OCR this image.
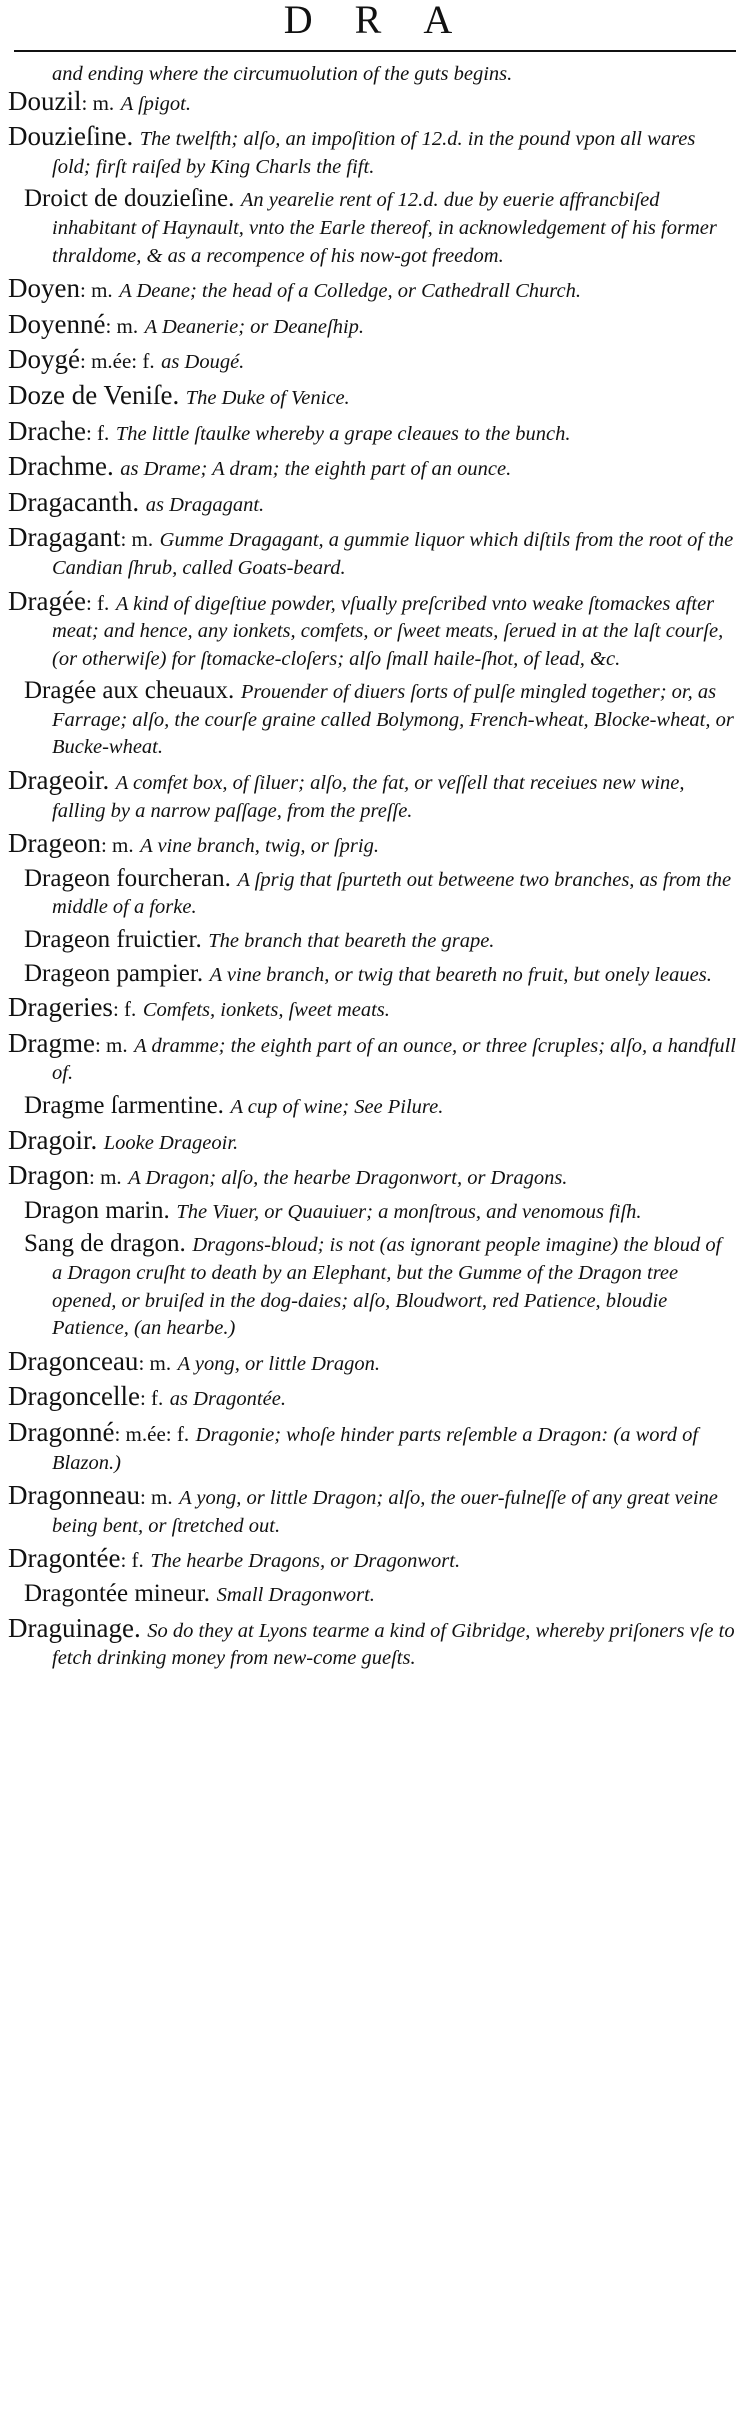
DRA

and ending where the circumuolution of the guts begins.

Douzil: m. A ſpigot.

Douzieſine. The twelfth; alſo, an impoſition of 12.d. in the pound vpon all wares ſold; firſt raiſed by King Charls the fift.

Droict de douzieſine. An yearelie rent of 12.d. due by euerie affrancbiſed inhabitant of Haynault, vnto the Earle thereof, in acknowledgement of his former thraldome, & as a recompence of his now-got freedom.

Doyen: m. A Deane; the head of a Colledge, or Cathedrall Church.

Doyenné: m. A Deanerie; or Deaneſhip.

Doygé: m.ée: f. as Dougé.

Doze de Veniſe. The Duke of Venice.

Drache: f. The little ſtaulke whereby a grape cleaues to the bunch.

Drachme. as Drame; A dram; the eighth part of an ounce.

Dragacanth. as Dragagant.

Dragagant: m. Gumme Dragagant, a gummie liquor which diſtils from the root of the Candian ſhrub, called Goats-beard.

Dragée: f. A kind of digeſtiue powder, vſually preſcribed vnto weake ſtomackes after meat; and hence, any ionkets, comfets, or ſweet meats, ſerued in at the laſt courſe, (or otherwiſe) for ſtomacke-cloſers; alſo ſmall haile-ſhot, of lead, &c.

Dragée aux cheuaux. Prouender of diuers ſorts of pulſe mingled together; or, as Farrage; alſo, the courſe graine called Bolymong, French-wheat, Blocke-wheat, or Bucke-wheat.

Drageoir. A comfet box, of ſiluer; alſo, the fat, or veſſell that receiues new wine, falling by a narrow paſſage, from the preſſe.

Drageon: m. A vine branch, twig, or ſprig.

Drageon fourcheran. A ſprig that ſpurteth out betweene two branches, as from the middle of a forke.

Drageon fruictier. The branch that beareth the grape.

Drageon pampier. A vine branch, or twig that beareth no fruit, but onely leaues.

Drageries: f. Comfets, ionkets, ſweet meats.

Dragme: m. A dramme; the eighth part of an ounce, or three ſcruples; alſo, a handfull of.

Dragme ſarmentine. A cup of wine; See Pilure.

Dragoir. Looke Drageoir.

Dragon: m. A Dragon; alſo, the hearbe Dragonwort, or Dragons.

Dragon marin. The Viuer, or Quauiuer; a monſtrous, and venomous fiſh.

Sang de dragon. Dragons-bloud; is not (as ignorant people imagine) the bloud of a Dragon cruſht to death by an Elephant, but the Gumme of the Dragon tree opened, or bruiſed in the dog-daies; alſo, Bloudwort, red Patience, bloudie Patience, (an hearbe.)

Dragonceau: m. A yong, or little Dragon.

Dragoncelle: f. as Dragontée.

Dragonné: m.ée: f. Dragonie; whoſe hinder parts reſemble a Dragon: (a word of Blazon.)

Dragonneau: m. A yong, or little Dragon; alſo, the ouer-fulneſſe of any great veine being bent, or ſtretched out.

Dragontée: f. The hearbe Dragons, or Dragonwort.

Dragontée mineur. Small Dragonwort.

Draguinage. So do they at Lyons tearme a kind of Gibridge, whereby priſoners vſe to fetch drinking money from new-come gueſts.
